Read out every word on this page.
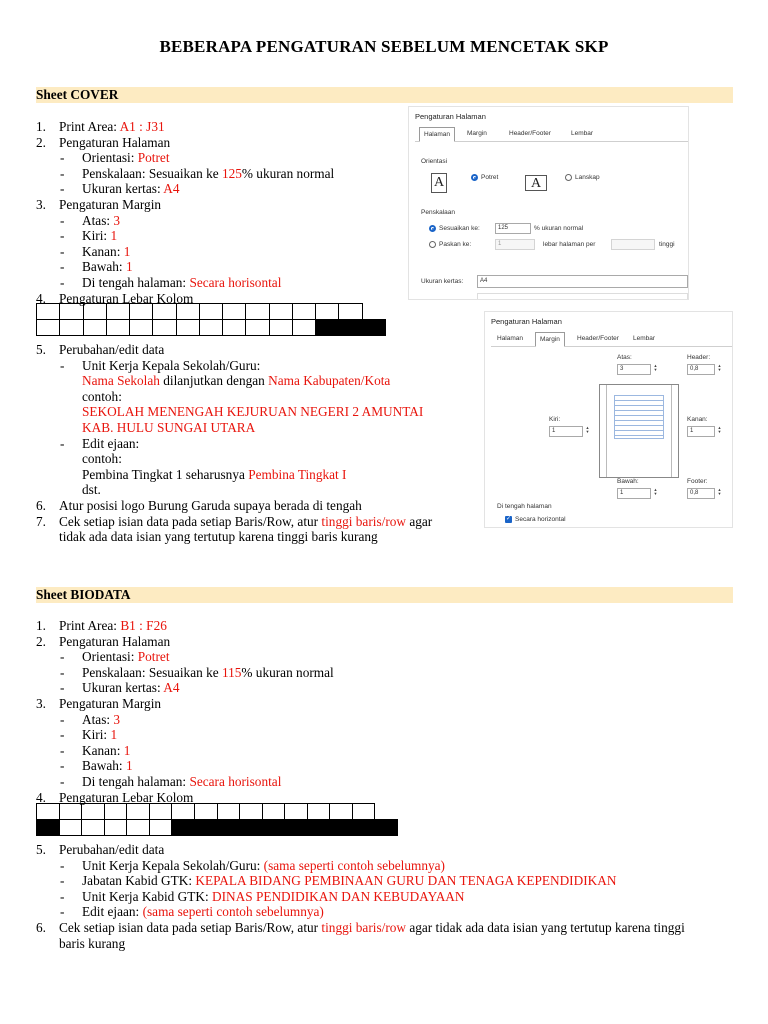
BEBERAPA PENGATURAN SEBELUM MENCETAK SKP
Sheet COVER
1. Print Area: A1 : J31
2. Pengaturan Halaman
- Orientasi: Potret
- Penskalaan: Sesuaikan ke 125% ukuran normal
- Ukuran kertas: A4
3. Pengaturan Margin
- Atas: 3
- Kiri: 1
- Kanan: 1
- Bawah: 1
- Di tengah halaman: Secara horisontal
4. Pengaturan Lebar Kolom

5. Perubahan/edit data
- Unit Kerja Kepala Sekolah/Guru:
Nama Sekolah dilanjutkan dengan Nama Kabupaten/Kota
contoh:
SEKOLAH MENENGAH KEJURUAN NEGERI 2 AMUNTAI
KAB. HULU SUNGAI UTARA
- Edit ejaan:
contoh:
Pembina Tingkat 1 seharusnya Pembina Tingkat I
dst.
6. Atur posisi logo Burung Garuda supaya berada di tengah
7. Cek setiap isian data pada setiap Baris/Row, atur tinggi baris/row agar
tidak ada data isian yang tertutup karena tinggi baris kurang
Pengaturan Halaman
Halaman	Margin	Header/Footer	Lembar
Orientasi
A	Potret	A	Lanskap
Penskalaan
Sesuaikan ke:	125	% ukuran normal
Paskan ke:	1	lebar halaman per	tinggi
Ukuran kertas:	A4
Pengaturan Halaman
Halaman	Margin	Header/Footer	Lembar
Atas:
3
▲
▼
Header:
0,8
▲
▼
Kiri:
1
▲
▼
Kanan:
1
▲
▼
Bawah:
1
▲
▼
Footer:
0,8
▲
▼
Di tengah halaman
✓ Secara horizontal
Sheet BIODATA
1. Print Area: B1 : F26
2. Pengaturan Halaman
- Orientasi: Potret
- Penskalaan: Sesuaikan ke 115% ukuran normal
- Ukuran kertas: A4
3. Pengaturan Margin
- Atas: 3
- Kiri: 1
- Kanan: 1
- Bawah: 1
- Di tengah halaman: Secara horisontal
4. Pengaturan Lebar Kolom

5. Perubahan/edit data
- Unit Kerja Kepala Sekolah/Guru: (sama seperti contoh sebelumnya)
- Jabatan Kabid GTK: KEPALA BIDANG PEMBINAAN GURU DAN TENAGA KEPENDIDIKAN
- Unit Kerja Kabid GTK: DINAS PENDIDIKAN DAN KEBUDAYAAN
- Edit ejaan: (sama seperti contoh sebelumnya)
6. Cek setiap isian data pada setiap Baris/Row, atur tinggi baris/row agar tidak ada data isian yang tertutup karena tinggi
baris kurang
